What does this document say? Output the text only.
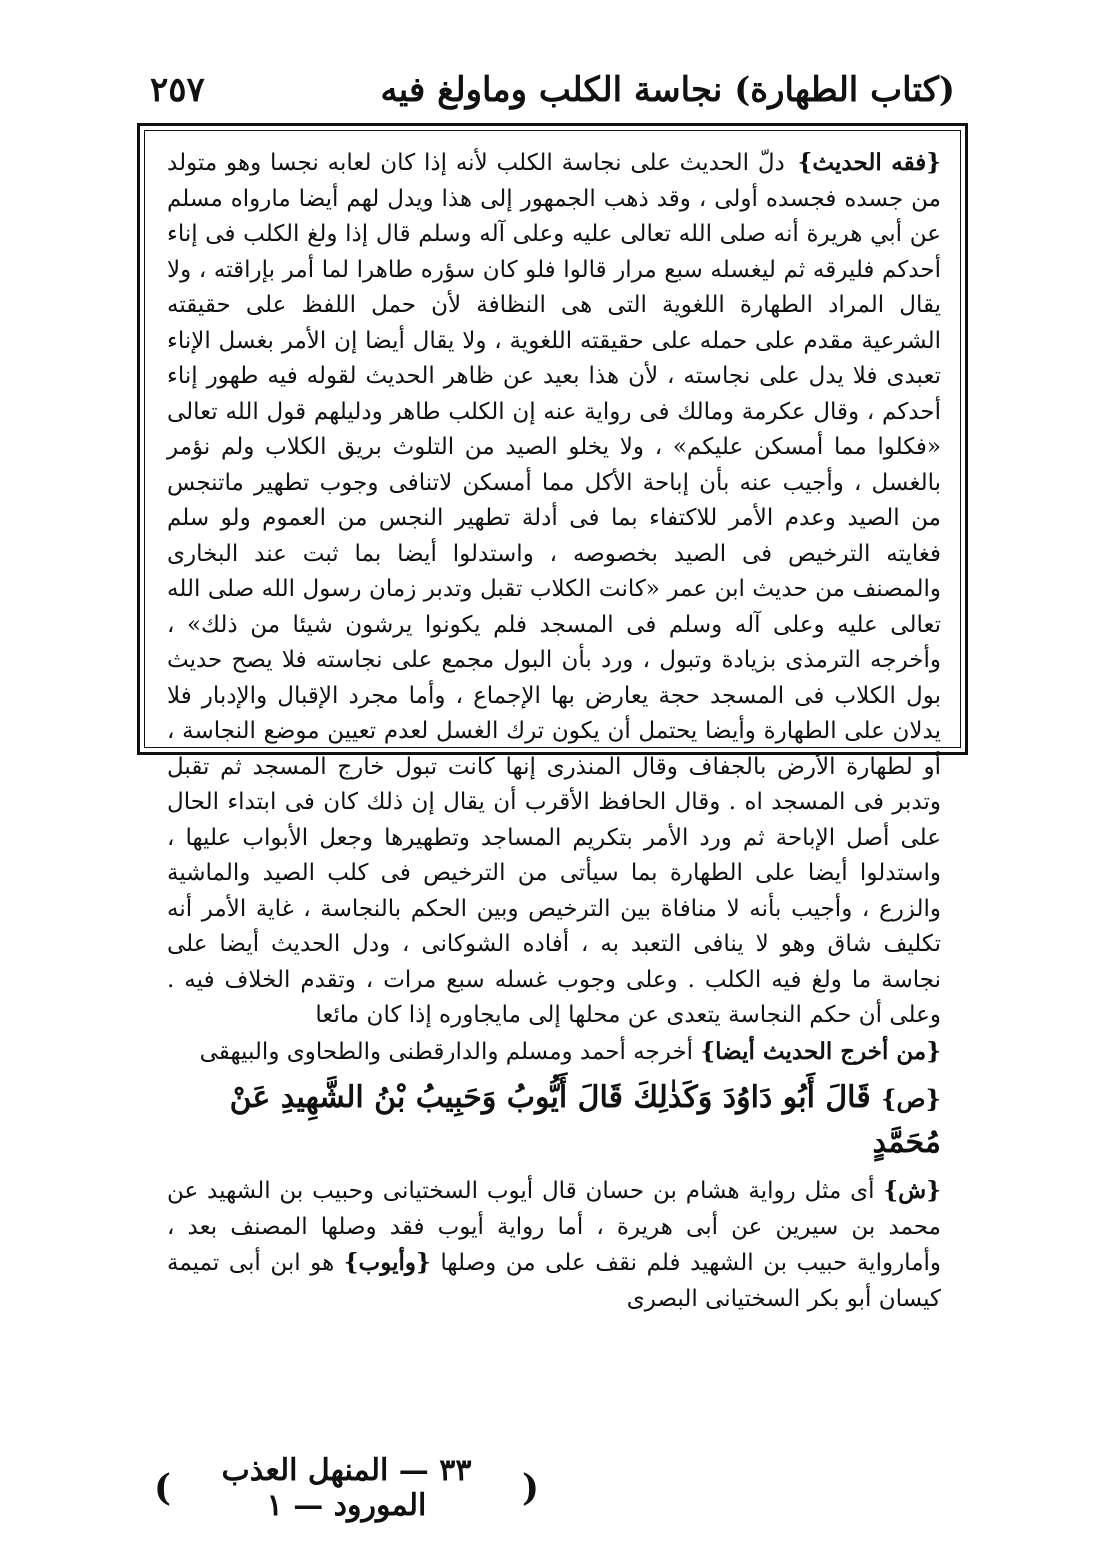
(كتاب الطهارة) نجاسة الكلب وماولغ فيه
٢٥٧

{فقه الحديث} دلّ الحديث على نجاسة الكلب لأنه إذا كان لعابه نجسا وهو متولد من جسده فجسده أولى ، وقد ذهب الجمهور إلى هذا ويدل لهم أيضا مارواه مسلم عن أبي هريرة أنه صلى الله تعالى عليه وعلى آله وسلم قال إذا ولغ الكلب فى إناء أحدكم فليرقه ثم ليغسله سبع مرار قالوا فلو كان سؤره طاهرا لما أمر بإراقته ، ولا يقال المراد الطهارة اللغوية التى هى النظافة لأن حمل اللفظ على حقيقته الشرعية مقدم على حمله على حقيقته اللغوية ، ولا يقال أيضا إن الأمر بغسل الإناء تعبدى فلا يدل على نجاسته ، لأن هذا بعيد عن ظاهر الحديث لقوله فيه طهور إناء أحدكم ، وقال عكرمة ومالك فى رواية عنه إن الكلب طاهر ودليلهم قول الله تعالى «فكلوا مما أمسكن عليكم» ، ولا يخلو الصيد من التلوث بريق الكلاب ولم نؤمر بالغسل ، وأجيب عنه بأن إباحة الأكل مما أمسكن لاتنافى وجوب تطهير ماتنجس من الصيد وعدم الأمر للاكتفاء بما فى أدلة تطهير النجس من العموم ولو سلم فغايته الترخيص فى الصيد بخصوصه ، واستدلوا أيضا بما ثبت عند البخارى والمصنف من حديث ابن عمر «كانت الكلاب تقبل وتدبر زمان رسول الله صلى الله تعالى عليه وعلى آله وسلم فى المسجد فلم يكونوا يرشون شيئا من ذلك» ، وأخرجه الترمذى بزيادة وتبول ، ورد بأن البول مجمع على نجاسته فلا يصح حديث بول الكلاب فى المسجد حجة يعارض بها الإجماع ، وأما مجرد الإقبال والإدبار فلا يدلان على الطهارة وأيضا يحتمل أن يكون ترك الغسل لعدم تعيين موضع النجاسة ، أو لطهارة الأرض بالجفاف وقال المنذرى إنها كانت تبول خارج المسجد ثم تقبل وتدبر فى المسجد اه . وقال الحافظ الأقرب أن يقال إن ذلك كان فى ابتداء الحال على أصل الإباحة ثم ورد الأمر بتكريم المساجد وتطهيرها وجعل الأبواب عليها ، واستدلوا أيضا على الطهارة بما سيأتى من الترخيص فى كلب الصيد والماشية والزرع ، وأجيب بأنه لا منافاة بين الترخيص وبين الحكم بالنجاسة ، غاية الأمر أنه تكليف شاق وهو لا ينافى التعبد به ، أفاده الشوكانى ، ودل الحديث أيضا على نجاسة ما ولغ فيه الكلب . وعلى وجوب غسله سبع مرات ، وتقدم الخلاف فيه . وعلى أن حكم النجاسة يتعدى عن محلها إلى مايجاوره إذا كان مائعا

{من أخرج الحديث أيضا} أخرجه أحمد ومسلم والدارقطنى والطحاوى والبيهقى

{ص} قَالَ أَبُو دَاوُدَ وَكَذٰلِكَ قَالَ أَيُّوبُ وَحَبِيبُ بْنُ الشَّهِيدِ عَنْ مُحَمَّدٍ

{ش} أى مثل رواية هشام بن حسان قال أيوب السختيانى وحبيب بن الشهيد عن محمد بن سيرين عن أبى هريرة ، أما رواية أيوب فقد وصلها المصنف بعد ، وأمارواية حبيب بن الشهيد فلم نقف على من وصلها {وأيوب} هو ابن أبى تميمة كيسان أبو بكر السختيانى البصرى

(
٣٣ — المنهل العذب المورود — ١
)
